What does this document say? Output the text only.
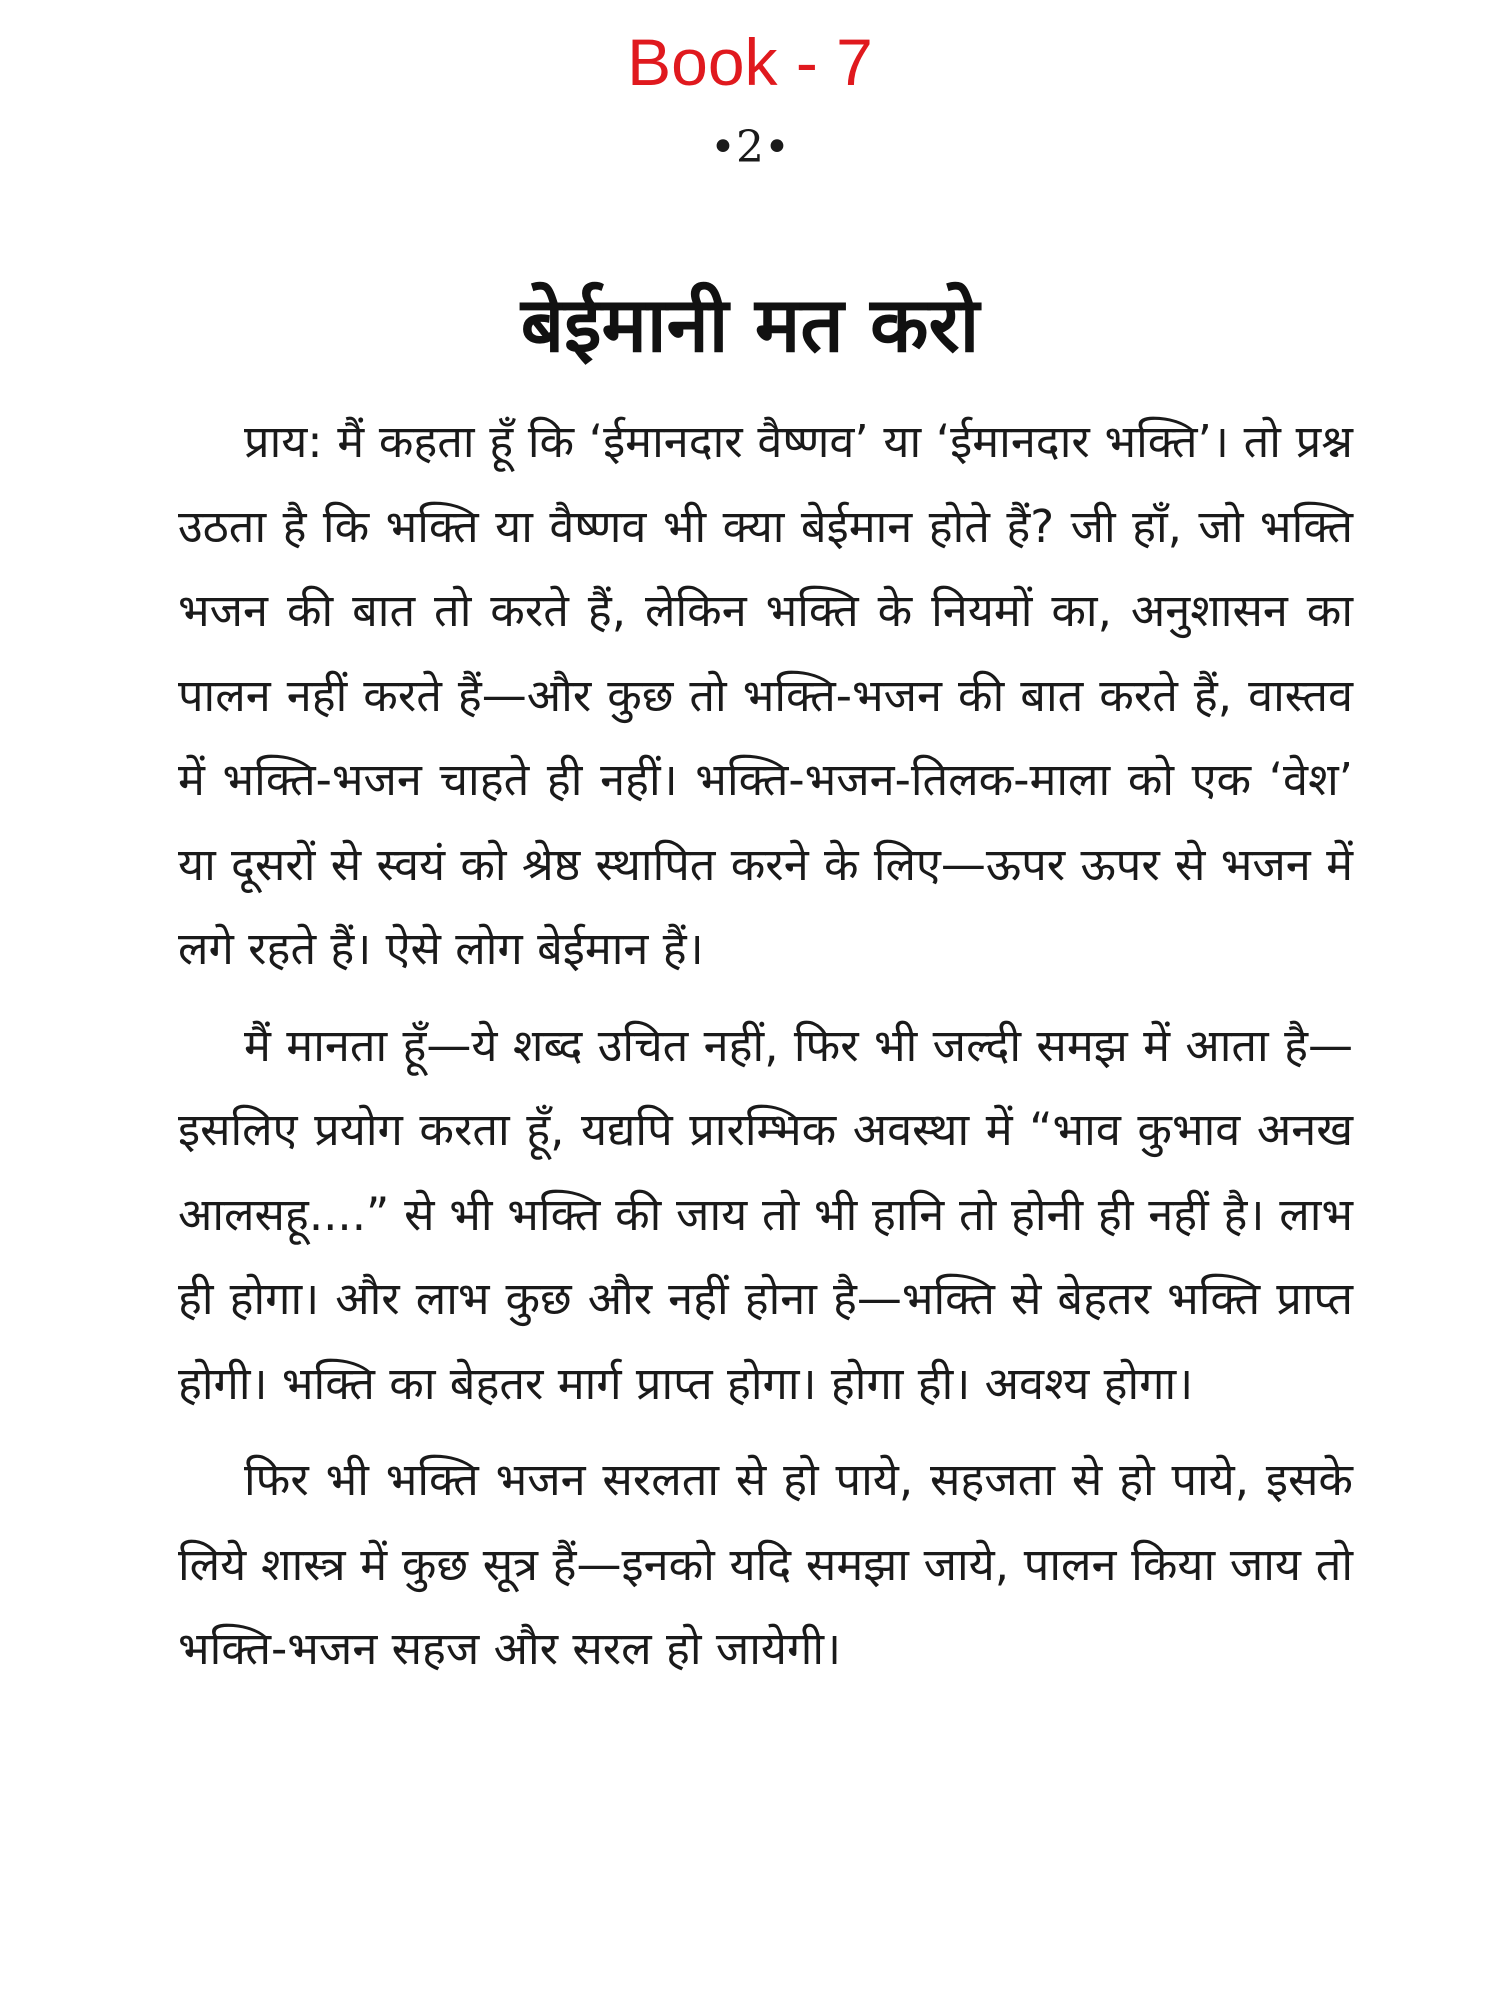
Book - 7
•2•
बेईमानी मत करो

प्राय: मैं कहता हूँ कि ‘ईमानदार वैष्णव’ या ‘ईमानदार भक्ति’। तो प्रश्न उठता है कि भक्ति या वैष्णव भी क्या बेईमान होते हैं? जी हाँ, जो भक्ति भजन की बात तो करते हैं, लेकिन भक्ति के नियमों का, अनुशासन का पालन नहीं करते हैं—और कुछ तो भक्ति-भजन की बात करते हैं, वास्तव में भक्ति-भजन चाहते ही नहीं। भक्ति-भजन-तिलक-माला को एक ‘वेश’ या दूसरों से स्वयं को श्रेष्ठ स्थापित करने के लिए—ऊपर ऊपर से भजन में लगे रहते हैं। ऐसे लोग बेईमान हैं।

मैं मानता हूँ—ये शब्द उचित नहीं, फिर भी जल्दी समझ में आता है—इसलिए प्रयोग करता हूँ, यद्यपि प्रारम्भिक अवस्था में “भाव कुभाव अनख आलसहू....” से भी भक्ति की जाय तो भी हानि तो होनी ही नहीं है। लाभ ही होगा। और लाभ कुछ और नहीं होना है—भक्ति से बेहतर भक्ति प्राप्त होगी। भक्ति का बेहतर मार्ग प्राप्त होगा। होगा ही। अवश्य होगा।

फिर भी भक्ति भजन सरलता से हो पाये, सहजता से हो पाये, इसके लिये शास्त्र में कुछ सूत्र हैं—इनको यदि समझा जाये, पालन किया जाय तो भक्ति-भजन सहज और सरल हो जायेगी।
